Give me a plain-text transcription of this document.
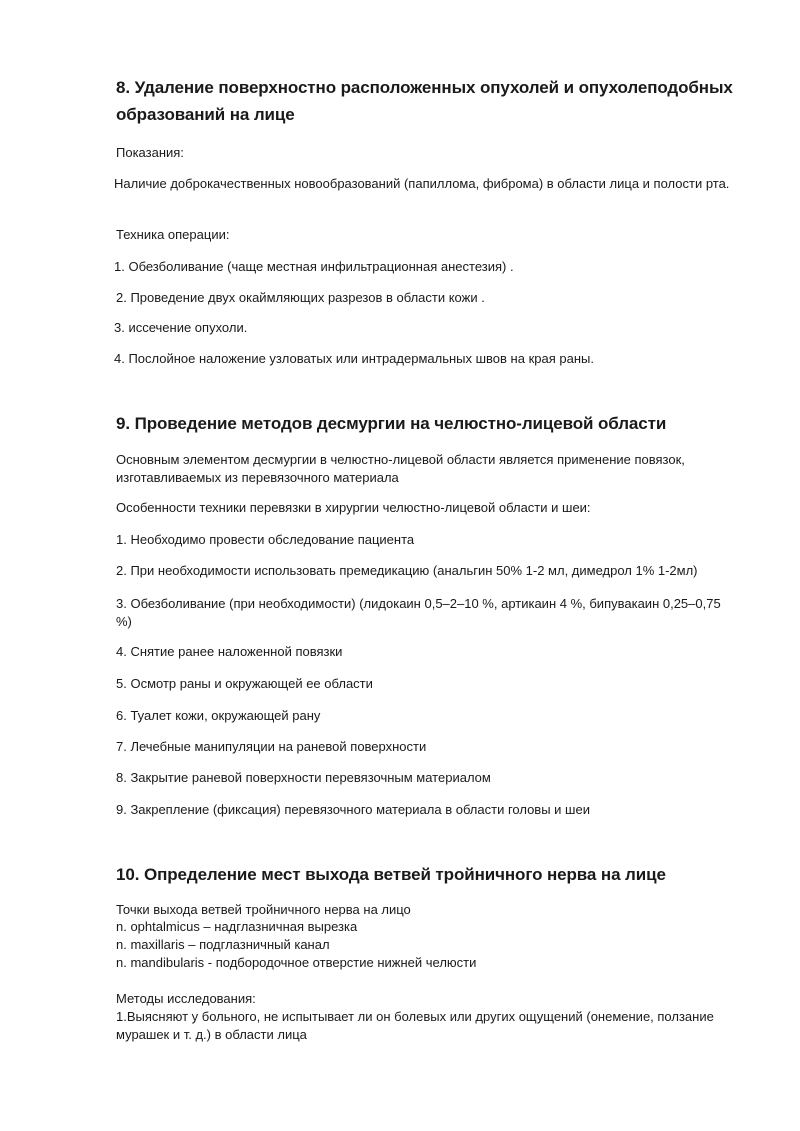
8. Удаление поверхностно расположенных опухолей и опухолеподобных образований на лице

Показания:

Наличие доброкачественных новообразований (папиллома, фиброма) в области лица и полости рта.

Техника операции:

1. Обезболивание (чаще местная инфильтрационная анестезия) .

2. Проведение двух окаймляющих разрезов в области кожи .

3. иссечение опухоли.

4. Послойное наложение узловатых или интрадермальных швов на края раны.

9. Проведение методов десмургии на челюстно-лицевой области

Основным элементом десмургии в челюстно-лицевой области является применение повязок, изготавливаемых из перевязочного материала

Особенности техники перевязки в хирургии челюстно-лицевой области и шеи:

1. Необходимо провести обследование пациента

2. При необходимости использовать премедикацию (анальгин 50% 1-2 мл, димедрол 1% 1-2мл)

3. Обезболивание (при необходимости) (лидокаин 0,5–2–10 %, артикаин 4 %, бипувакаин 0,25–0,75 %)

4. Снятие ранее наложенной повязки

5. Осмотр раны и окружающей ее области

6. Туалет кожи, окружающей рану

7. Лечебные манипуляции на раневой поверхности

8. Закрытие раневой поверхности перевязочным материалом

9. Закрепление (фиксация) перевязочного материала в области головы и шеи

10. Определение мест выхода ветвей тройничного нерва на лице

Точки выхода ветвей тройничного нерва на лицо

n. ophtalmicus – надглазничная вырезка

n. maxillaris – подглазничный канал

n. mandibularis - подбородочное отверстие нижней челюсти

Методы исследования:

1.Выясняют у больного, не испытывает ли он болевых или других ощущений (онемение, ползание мурашек и т. д.) в области лица
